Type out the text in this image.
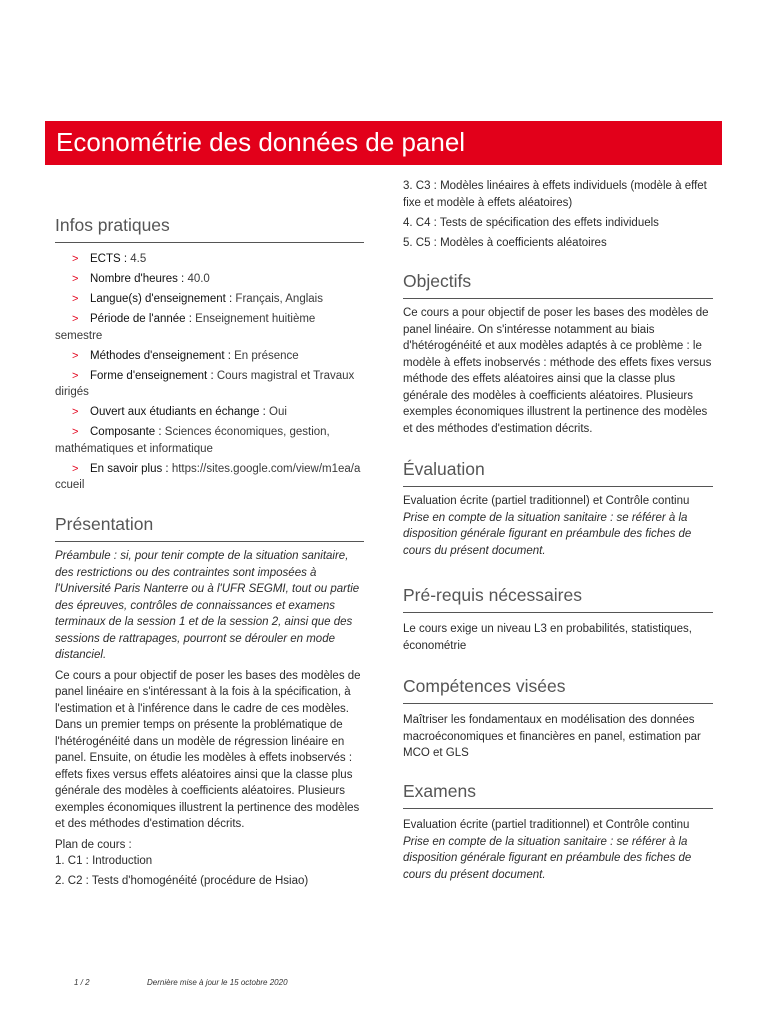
Econométrie des données de panel
Infos pratiques
> ECTS : 4.5
> Nombre d'heures : 40.0
> Langue(s) d'enseignement : Français, Anglais
> Période de l'année : Enseignement huitième semestre
> Méthodes d'enseignement : En présence
> Forme d'enseignement : Cours magistral et Travaux dirigés
> Ouvert aux étudiants en échange : Oui
> Composante : Sciences économiques, gestion, mathématiques et informatique
> En savoir plus : https://sites.google.com/view/m1ea/accueil
Présentation
Préambule : si, pour tenir compte de la situation sanitaire, des restrictions ou des contraintes sont imposées à l'Université Paris Nanterre ou à l'UFR SEGMI, tout ou partie des épreuves, contrôles de connaissances et examens terminaux de la session 1 et de la session 2, ainsi que des sessions de rattrapages, pourront se dérouler en mode distanciel.
Ce cours a pour objectif de poser les bases des modèles de panel linéaire en s'intéressant à la fois à la spécification, à l'estimation et à l'inférence dans le cadre de ces modèles. Dans un premier temps on présente la problématique de l'hétérogénéité dans un modèle de régression linéaire en panel. Ensuite, on étudie les modèles à effets inobservés : effets fixes versus effets aléatoires ainsi que la classe plus générale des modèles à coefficients aléatoires. Plusieurs exemples économiques illustrent la pertinence des modèles et des méthodes d'estimation décrits.
Plan de cours :
1. C1 : Introduction
2. C2 : Tests d'homogénéité (procédure de Hsiao)
3. C3 : Modèles linéaires à effets individuels (modèle à effet fixe et modèle à effets aléatoires)
4. C4 : Tests de spécification des effets individuels
5. C5 : Modèles à coefficients aléatoires
Objectifs
Ce cours a pour objectif de poser les bases des modèles de panel linéaire. On s'intéresse notamment au biais d'hétérogénéité et aux modèles adaptés à ce problème : le modèle à effets inobservés : méthode des effets fixes versus méthode des effets aléatoires ainsi que la classe plus générale des modèles à coefficients aléatoires. Plusieurs exemples économiques illustrent la pertinence des modèles et des méthodes d'estimation décrits.
Évaluation
Evaluation écrite (partiel traditionnel) et Contrôle continu
Prise en compte de la situation sanitaire : se référer à la disposition générale figurant en préambule des fiches de cours du présent document.
Pré-requis nécessaires
Le cours exige un niveau L3 en probabilités, statistiques, économétrie
Compétences visées
Maîtriser les fondamentaux en modélisation des données macroéconomiques et financières en panel, estimation par MCO et GLS
Examens
Evaluation écrite (partiel traditionnel) et Contrôle continu
Prise en compte de la situation sanitaire : se référer à la disposition générale figurant en préambule des fiches de cours du présent document.
1 / 2	Dernière mise à jour le 15 octobre 2020
